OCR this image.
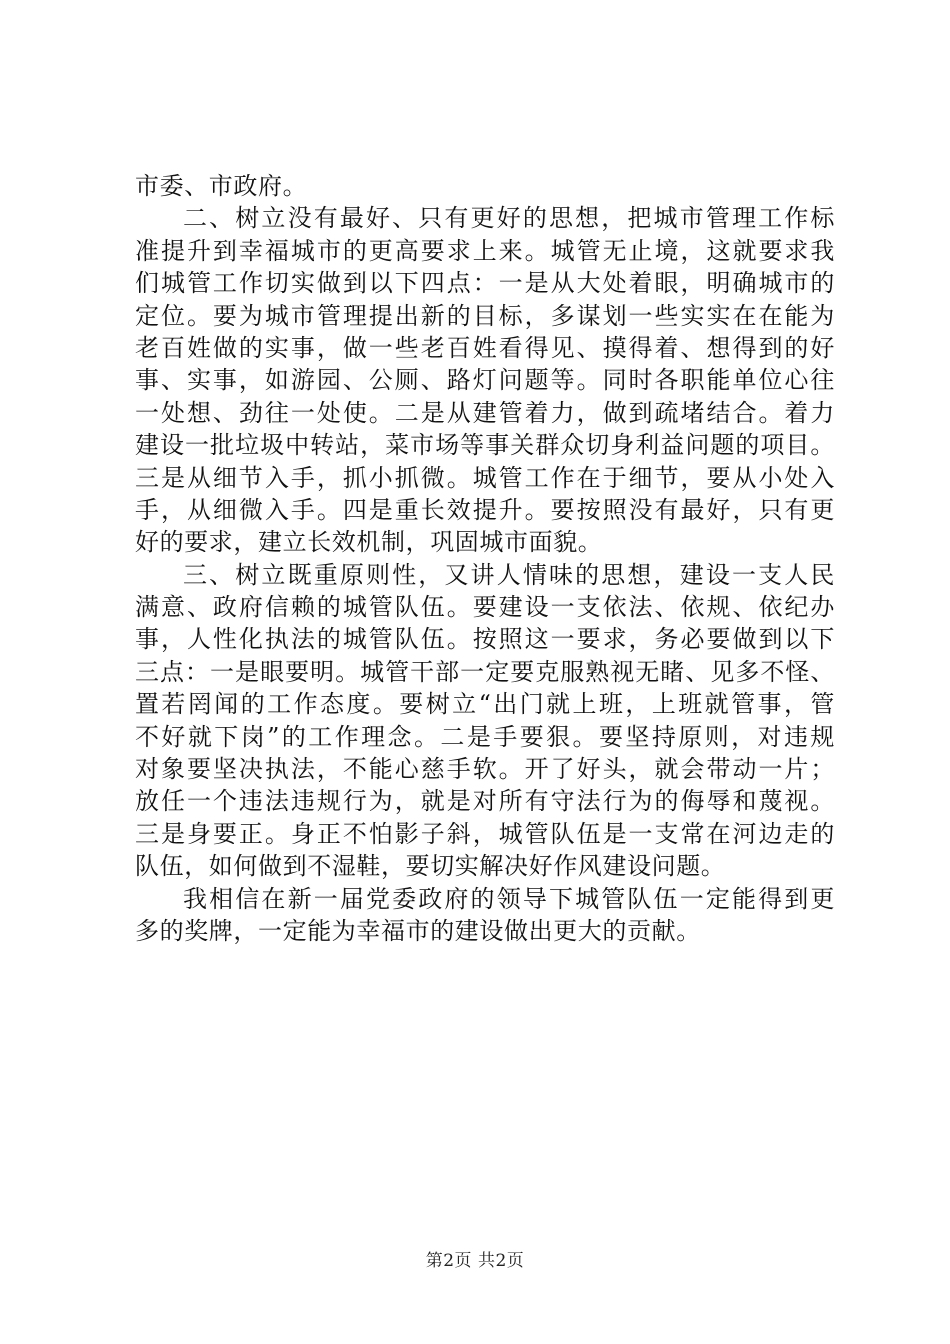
市委、市政府。
二、树立没有最好、只有更好的思想，把城市管理工作标
准提升到幸福城市的更高要求上来。城管无止境，这就要求我
们城管工作切实做到以下四点：一是从大处着眼，明确城市的
定位。要为城市管理提出新的目标，多谋划一些实实在在能为
老百姓做的实事，做一些老百姓看得见、摸得着、想得到的好
事、实事，如游园、公厕、路灯问题等。同时各职能单位心往
一处想、劲往一处使。二是从建管着力，做到疏堵结合。着力
建设一批垃圾中转站，菜市场等事关群众切身利益问题的项目。
三是从细节入手，抓小抓微。城管工作在于细节，要从小处入
手，从细微入手。四是重长效提升。要按照没有最好，只有更
好的要求，建立长效机制，巩固城市面貌。
三、树立既重原则性，又讲人情味的思想，建设一支人民
满意、政府信赖的城管队伍。要建设一支依法、依规、依纪办
事，人性化执法的城管队伍。按照这一要求，务必要做到以下
三点：一是眼要明。城管干部一定要克服熟视无睹、见多不怪、
置若罔闻的工作态度。要树立“出门就上班，上班就管事，管
不好就下岗”的工作理念。二是手要狠。要坚持原则，对违规
对象要坚决执法，不能心慈手软。开了好头，就会带动一片；
放任一个违法违规行为，就是对所有守法行为的侮辱和蔑视。
三是身要正。身正不怕影子斜，城管队伍是一支常在河边走的
队伍，如何做到不湿鞋，要切实解决好作风建设问题。
我相信在新一届党委政府的领导下城管队伍一定能得到更
多的奖牌，一定能为幸福市的建设做出更大的贡献。
第2页 共2页
